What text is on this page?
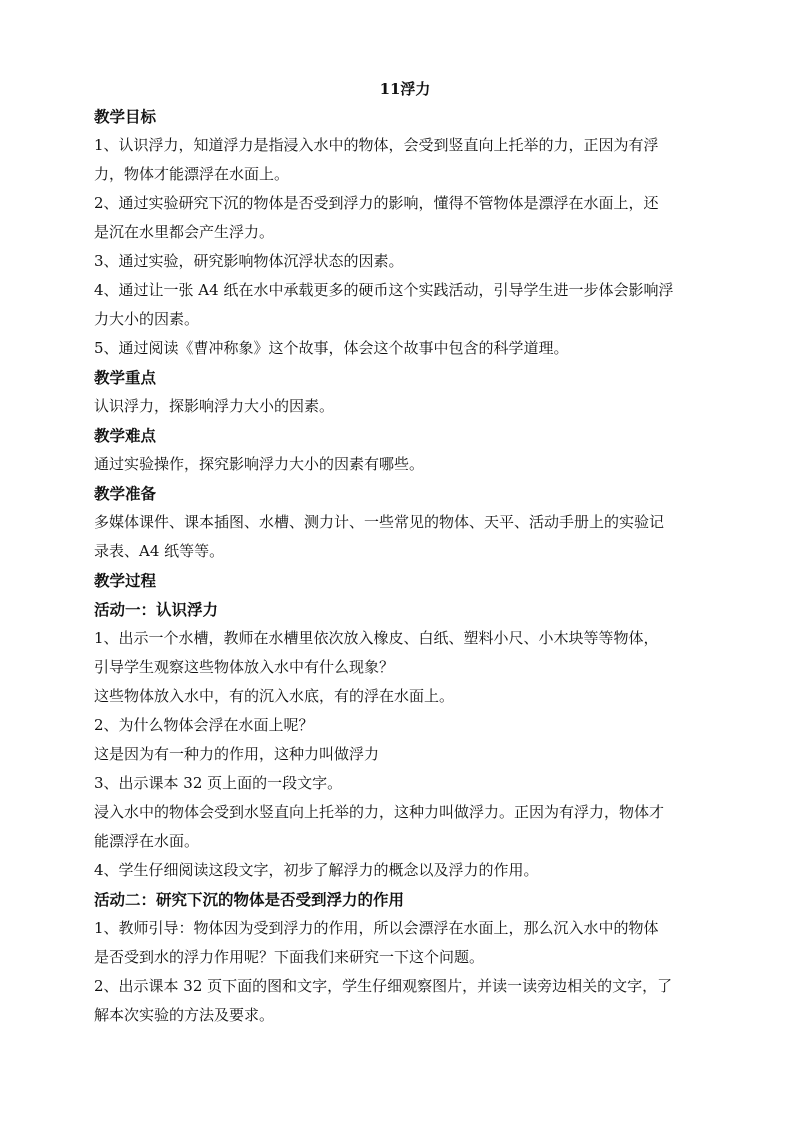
11浮力
教学目标
1、认识浮力，知道浮力是指浸入水中的物体，会受到竖直向上托举的力，正因为有浮
力，物体才能漂浮在水面上。
2、通过实验研究下沉的物体是否受到浮力的影响，懂得不管物体是漂浮在水面上，还
是沉在水里都会产生浮力。
3、通过实验，研究影响物体沉浮状态的因素。
4、通过让一张 A4 纸在水中承载更多的硬币这个实践活动，引导学生进一步体会影响浮
力大小的因素。
5、通过阅读《曹冲称象》这个故事，体会这个故事中包含的科学道理。
教学重点
认识浮力，探影响浮力大小的因素。
教学难点
通过实验操作，探究影响浮力大小的因素有哪些。
教学准备
多媒体课件、课本插图、水槽、测力计、一些常见的物体、天平、活动手册上的实验记
录表、A4 纸等等。
教学过程
活动一：认识浮力
1、出示一个水槽，教师在水槽里依次放入橡皮、白纸、塑料小尺、小木块等等物体，
引导学生观察这些物体放入水中有什么现象？
这些物体放入水中，有的沉入水底，有的浮在水面上。
2、为什么物体会浮在水面上呢？
这是因为有一种力的作用，这种力叫做浮力
3、出示课本 32 页上面的一段文字。
浸入水中的物体会受到水竖直向上托举的力，这种力叫做浮力。正因为有浮力，物体才
能漂浮在水面。
4、学生仔细阅读这段文字，初步了解浮力的概念以及浮力的作用。
活动二：研究下沉的物体是否受到浮力的作用
1、教师引导：物体因为受到浮力的作用，所以会漂浮在水面上，那么沉入水中的物体
是否受到水的浮力作用呢？下面我们来研究一下这个问题。
2、出示课本 32 页下面的图和文字，学生仔细观察图片，并读一读旁边相关的文字，了
解本次实验的方法及要求。
